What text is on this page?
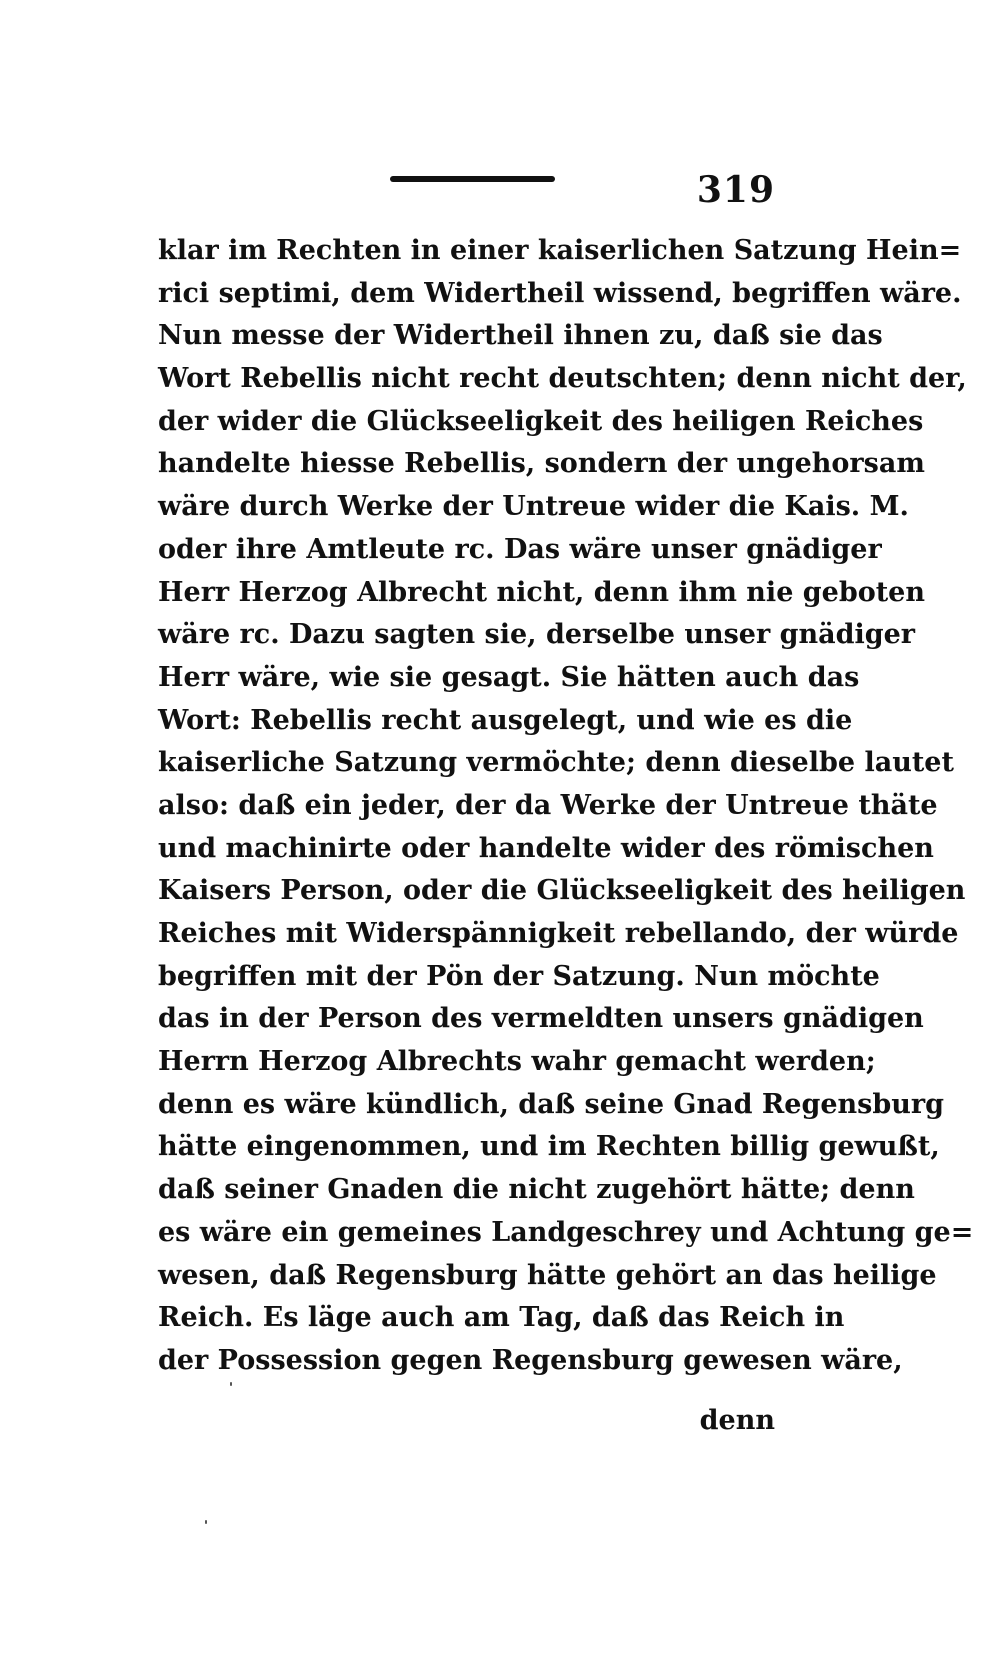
319
klar im Rechten in einer kaiserlichen Satzung Hein=
rici septimi, dem Widertheil wissend, begriffen wäre.
Nun messe der Widertheil ihnen zu, daß sie das
Wort Rebellis nicht recht deutschten; denn nicht der,
der wider die Glückseeligkeit des heiligen Reiches
handelte hiesse Rebellis, sondern der ungehorsam
wäre durch Werke der Untreue wider die Kais. M.
oder ihre Amtleute rc. Das wäre unser gnädiger
Herr Herzog Albrecht nicht, denn ihm nie geboten
wäre rc. Dazu sagten sie, derselbe unser gnädiger
Herr wäre, wie sie gesagt. Sie hätten auch das
Wort: Rebellis recht ausgelegt, und wie es die
kaiserliche Satzung vermöchte; denn dieselbe lautet
also: daß ein jeder, der da Werke der Untreue thäte
und machinirte oder handelte wider des römischen
Kaisers Person, oder die Glückseeligkeit des heiligen
Reiches mit Widerspännigkeit rebellando, der würde
begriffen mit der Pön der Satzung. Nun möchte
das in der Person des vermeldten unsers gnädigen
Herrn Herzog Albrechts wahr gemacht werden;
denn es wäre kündlich, daß seine Gnad Regensburg
hätte eingenommen, und im Rechten billig gewußt,
daß seiner Gnaden die nicht zugehört hätte; denn
es wäre ein gemeines Landgeschrey und Achtung ge=
wesen, daß Regensburg hätte gehört an das heilige
Reich. Es läge auch am Tag, daß das Reich in
der Possession gegen Regensburg gewesen wäre,
denn
